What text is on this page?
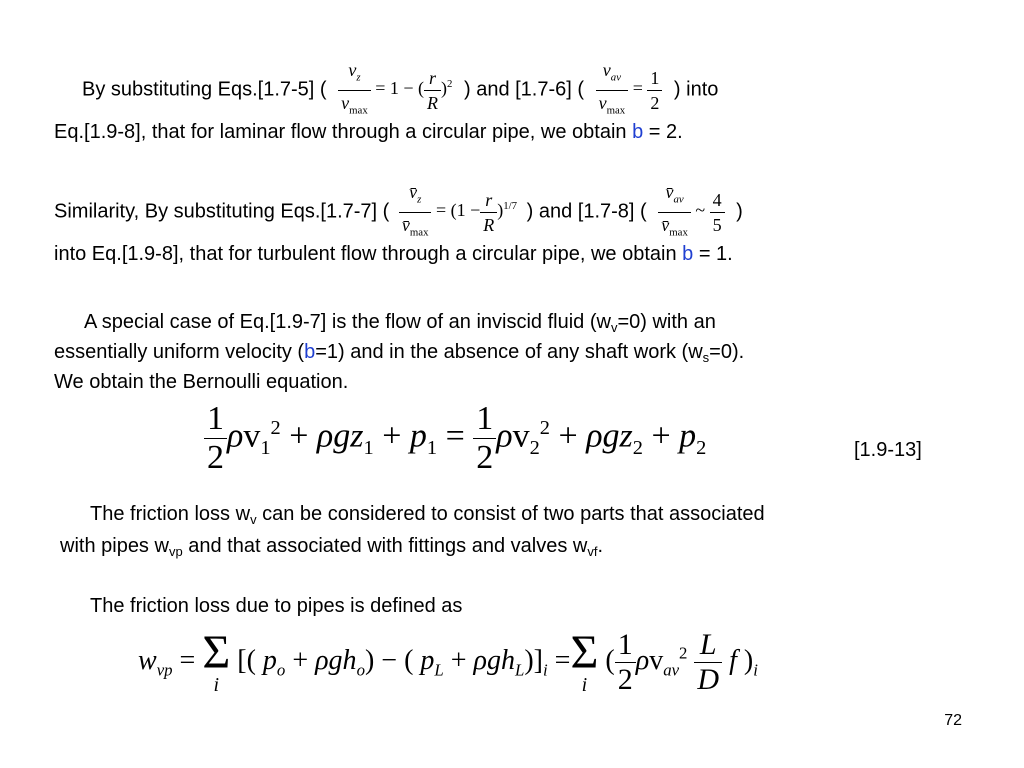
By substituting Eqs.[1.7-5] ( $\frac{v_z}{v_{max}} = 1$ − ( $\frac{r}{R} )^2$ ) and [1.7-6] ( $\frac{v_{av}}{v_{max}} = \frac{1}{2}$ ) into
Eq.[1.9-8], that for laminar flow through a circular pipe, we obtain b = 2.
Similarity, By substituting Eqs.[1.7-7] ( $\frac{v̄_z}{v̄_{max}} = (1 - \frac{r}{R} )^{1/7}$ ) and [1.7-8] ( $\frac{v̄_{av}}{v̄_{max}}$ ~ $\frac{4}{5}$ )
into Eq.[1.9-8], that for turbulent flow through a circular pipe, we obtain b = 1.
A special case of Eq.[1.9-7] is the flow of an inviscid fluid $(w_v=0)$ with an
essentially uniform velocity (b=1) and in the absence of any shaft work $(w_s=0)$.
We obtain the Bernoulli equation.
$\frac{1}{2} \rho v_1^2 + \rho gz_1 + p_1 = \frac{1}{2} \rho v_2^2 + \rho gz_2 + p_2$	[1.9-13]
The friction loss $w_v$ can be considered to consist of two parts that associated
with pipes $w_{vp}$ and that associated with fittings and valves $w_{vf}$.
The friction loss due to pipes is defined as
$w_{vp} = \Sigma$
i
[( $p_o + \rho gh_o$) − ( $p_L + \rho gh_L)]_i =\Sigma$
i
( $\frac{1}{2} \rho v_{av}^2 \frac{L}{D}$ f )$_i$
72
